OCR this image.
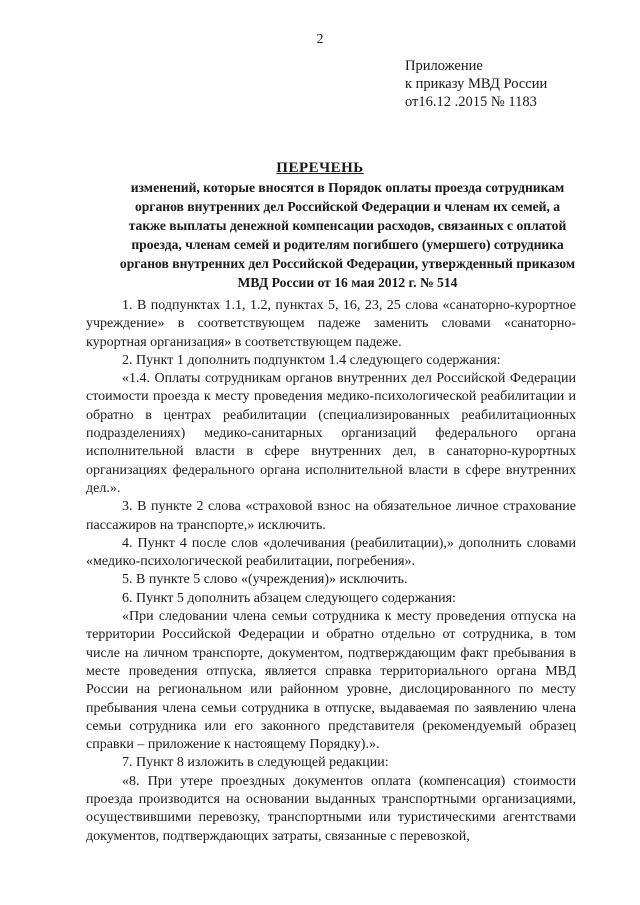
2
Приложение
к приказу МВД России
от16.12 .2015 № 1183
ПЕРЕЧЕНЬ
изменений, которые вносятся в Порядок оплаты проезда сотрудникам
органов внутренних дел Российской Федерации и членам их семей, а
также выплаты денежной компенсации расходов, связанных с оплатой
проезда, членам семей и родителям погибшего (умершего) сотрудника
органов внутренних дел Российской Федерации, утвержденный приказом
МВД России от 16 мая 2012 г. № 514

1. В подпунктах 1.1, 1.2, пунктах 5, 16, 23, 25 слова «санаторно-курортное учреждение» в соответствующем падеже заменить словами «санаторно-курортная организация» в соответствующем падеже.

2. Пункт 1 дополнить подпунктом 1.4 следующего содержания:

«1.4. Оплаты сотрудникам органов внутренних дел Российской Федерации стоимости проезда к месту проведения медико-психологической реабилитации и обратно в центрах реабилитации (специализированных реабилитационных подразделениях) медико-санитарных организаций федерального органа исполнительной власти в сфере внутренних дел, в санаторно-курортных организациях федерального органа исполнительной власти в сфере внутренних дел.».

3. В пункте 2 слова «страховой взнос на обязательное личное страхование пассажиров на транспорте,» исключить.

4. Пункт 4 после слов «долечивания (реабилитации),» дополнить словами «медико-психологической реабилитации, погребения».

5. В пункте 5 слово «(учреждения)» исключить.

6. Пункт 5 дополнить абзацем следующего содержания:

«При следовании члена семьи сотрудника к месту проведения отпуска на территории Российской Федерации и обратно отдельно от сотрудника, в том числе на личном транспорте, документом, подтверждающим факт пребывания в месте проведения отпуска, является справка территориального органа МВД России на региональном или районном уровне, дислоцированного по месту пребывания члена семьи сотрудника в отпуске, выдаваемая по заявлению члена семьи сотрудника или его законного представителя (рекомендуемый образец справки – приложение к настоящему Порядку).».

7. Пункт 8 изложить в следующей редакции:

«8. При утере проездных документов оплата (компенсация) стоимости проезда производится на основании выданных транспортными организациями, осуществившими перевозку, транспортными или туристическими агентствами документов, подтверждающих затраты, связанные с перевозкой,
